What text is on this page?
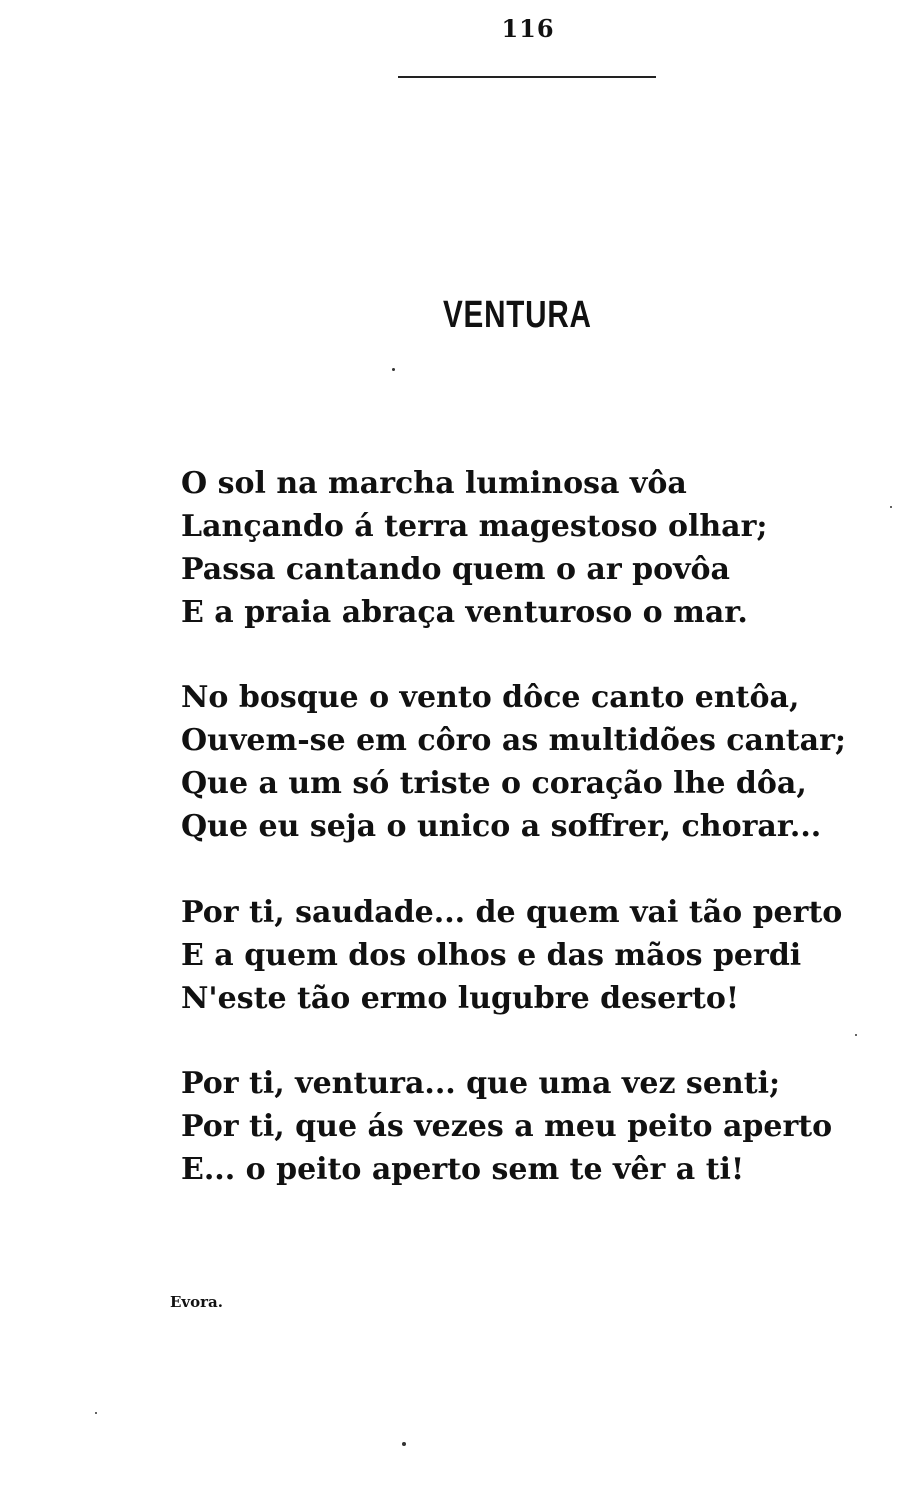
116
VENTURA
O sol na marcha luminosa vôa
Lançando á terra magestoso olhar;
Passa cantando quem o ar povôa
E a praia abraça venturoso o mar.
No bosque o vento dôce canto entôa,
Ouvem-se em côro as multidões cantar;
Que a um só triste o coração lhe dôa,
Que eu seja o unico a soffrer, chorar...
Por ti, saudade... de quem vai tão perto
E a quem dos olhos e das mãos perdi
N'este tão ermo lugubre deserto!
Por ti, ventura... que uma vez senti;
Por ti, que ás vezes a meu peito aperto
E... o peito aperto sem te vêr a ti!
Evora.
